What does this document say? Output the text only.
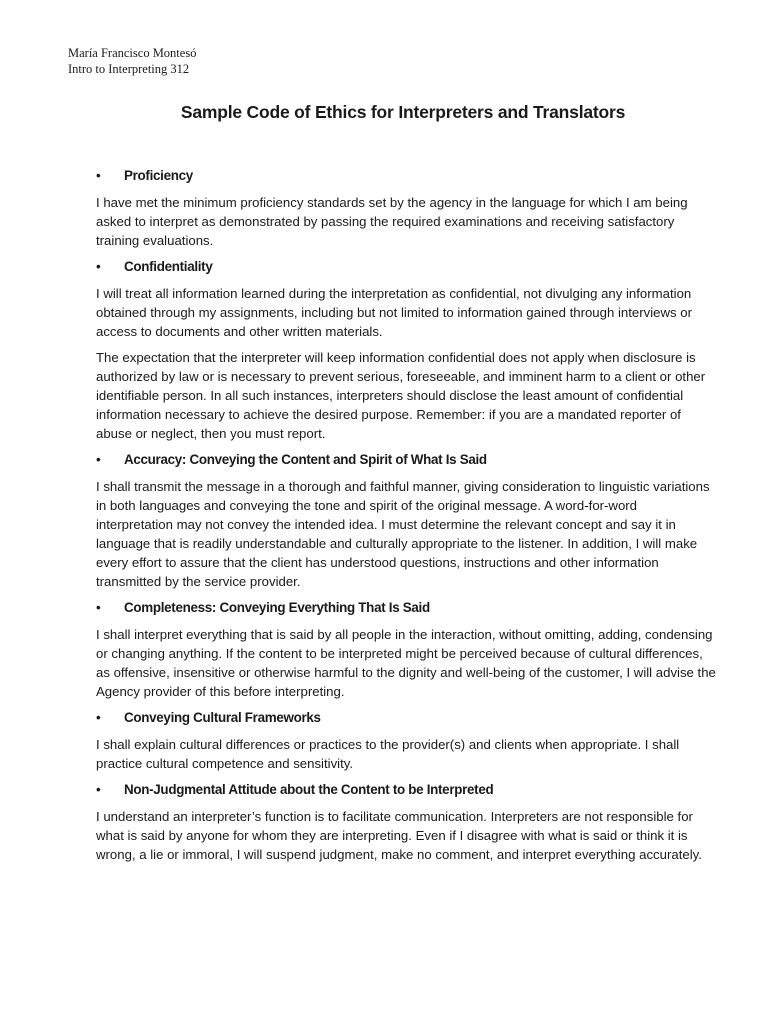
María Francisco Montesó
Intro to Interpreting 312
Sample Code of Ethics for Interpreters and Translators
• Proficiency

I have met the minimum proficiency standards set by the agency in the language for which I am being asked to interpret as demonstrated by passing the required examinations and receiving satisfactory training evaluations.

• Confidentiality

I will treat all information learned during the interpretation as confidential, not divulging any information obtained through my assignments, including but not limited to information gained through interviews or access to documents and other written materials.

The expectation that the interpreter will keep information confidential does not apply when disclosure is authorized by law or is necessary to prevent serious, foreseeable, and imminent harm to a client or other identifiable person. In all such instances, interpreters should disclose the least amount of confidential information necessary to achieve the desired purpose. Remember: if you are a mandated reporter of abuse or neglect, then you must report.

• Accuracy: Conveying the Content and Spirit of What Is Said

I shall transmit the message in a thorough and faithful manner, giving consideration to linguistic variations in both languages and conveying the tone and spirit of the original message. A word-for-word interpretation may not convey the intended idea. I must determine the relevant concept and say it in language that is readily understandable and culturally appropriate to the listener. In addition, I will make every effort to assure that the client has understood questions, instructions and other information transmitted by the service provider.

• Completeness: Conveying Everything That Is Said

I shall interpret everything that is said by all people in the interaction, without omitting, adding, condensing or changing anything. If the content to be interpreted might be perceived because of cultural differences, as offensive, insensitive or otherwise harmful to the dignity and well-being of the customer, I will advise the Agency provider of this before interpreting.

• Conveying Cultural Frameworks

I shall explain cultural differences or practices to the provider(s) and clients when appropriate. I shall practice cultural competence and sensitivity.

• Non-Judgmental Attitude about the Content to be Interpreted

I understand an interpreter’s function is to facilitate communication. Interpreters are not responsible for what is said by anyone for whom they are interpreting. Even if I disagree with what is said or think it is wrong, a lie or immoral, I will suspend judgment, make no comment, and interpret everything accurately.
